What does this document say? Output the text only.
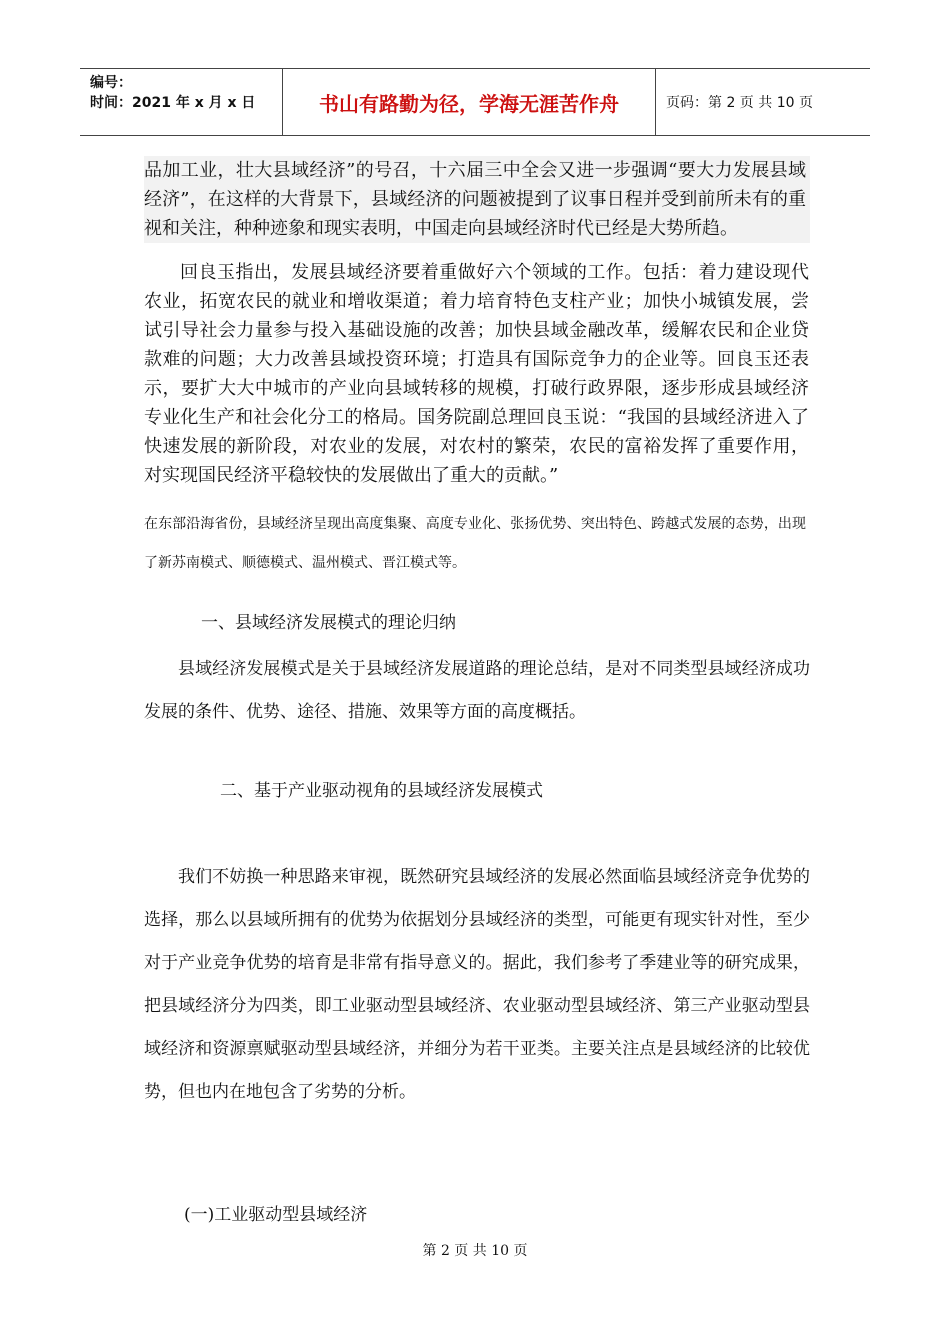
编号：
时间：2021 年 x 月 x 日	书山有路勤为径，学海无涯苦作舟	页码：第 2 页 共 10 页

品加工业，壮大县域经济”的号召，十六届三中全会又进一步强调“要大力发展县域经济”，在这样的大背景下，县域经济的问题被提到了议事日程并受到前所未有的重视和关注，种种迹象和现实表明，中国走向县域经济时代已经是大势所趋。

回良玉指出，发展县域经济要着重做好六个领域的工作。包括：着力建设现代农业，拓宽农民的就业和增收渠道；着力培育特色支柱产业；加快小城镇发展，尝试引导社会力量参与投入基础设施的改善；加快县域金融改革，缓解农民和企业贷款难的问题；大力改善县域投资环境；打造具有国际竞争力的企业等。回良玉还表示，要扩大大中城市的产业向县域转移的规模，打破行政界限，逐步形成县域经济专业化生产和社会化分工的格局。国务院副总理回良玉说：“我国的县域经济进入了快速发展的新阶段，对农业的发展，对农村的繁荣，农民的富裕发挥了重要作用，对实现国民经济平稳较快的发展做出了重大的贡献。”

在东部沿海省份，县域经济呈现出高度集聚、高度专业化、张扬优势、突出特色、跨越式发展的态势，出现了新苏南模式、顺德模式、温州模式、晋江模式等。

一、县域经济发展模式的理论归纳

县域经济发展模式是关于县域经济发展道路的理论总结，是对不同类型县域经济成功发展的条件、优势、途径、措施、效果等方面的高度概括。

二、基于产业驱动视角的县域经济发展模式

我们不妨换一种思路来审视，既然研究县域经济的发展必然面临县域经济竞争优势的选择，那么以县域所拥有的优势为依据划分县域经济的类型，可能更有现实针对性，至少对于产业竞争优势的培育是非常有指导意义的。据此，我们参考了季建业等的研究成果，把县域经济分为四类，即工业驱动型县域经济、农业驱动型县域经济、第三产业驱动型县域经济和资源禀赋驱动型县域经济，并细分为若干亚类。主要关注点是县域经济的比较优势，但也内在地包含了劣势的分析。

(一)工业驱动型县域经济

第 2 页 共 10 页
